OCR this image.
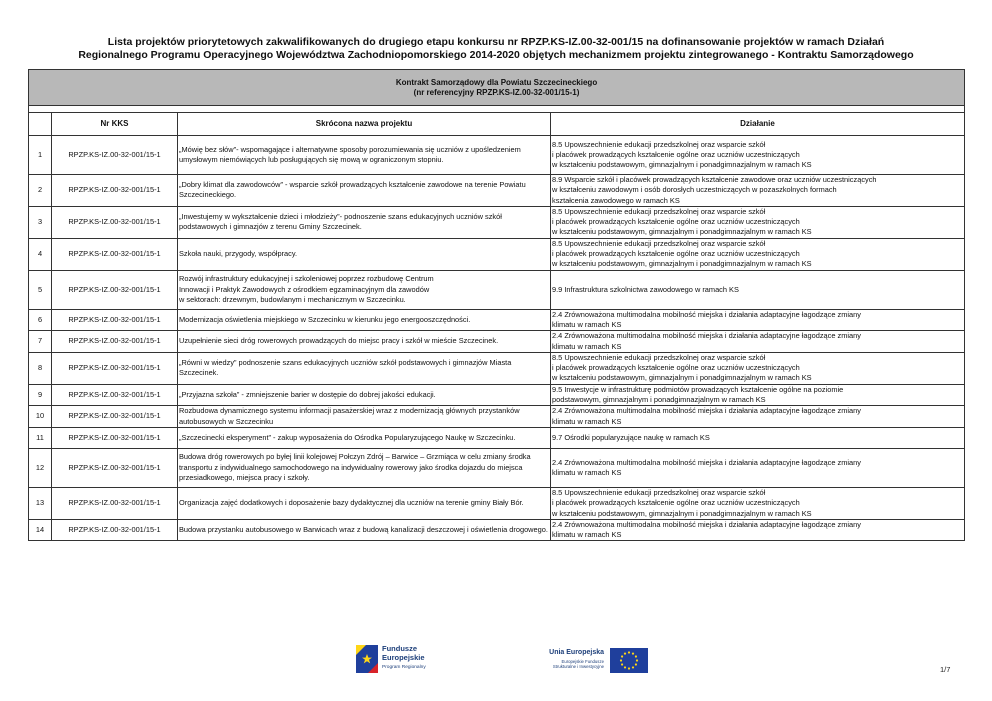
Lista projektów priorytetowych zakwalifikowanych do drugiego etapu konkursu nr RPZP.KS-IZ.00-32-001/15 na dofinansowanie projektów w ramach Działań
Regionalnego Programu Operacyjnego Województwa Zachodniopomorskiego 2014-2020 objętych mechanizmem projektu zintegrowanego - Kontraktu Samorządowego
Kontrakt Samorządowy dla Powiatu Szczecineckiego
(nr referencyjny RPZP.KS-IZ.00-32-001/15-1)			

	Nr KKS	Skrócona nazwa projektu	Działanie
1	RPZP.KS-IZ.00-32-001/15-1	„Mówię bez słów”- wspomagające i alternatywne sposoby porozumiewania się uczniów z upośledzeniem umysłowym niemówiących lub posługujących się mową w ograniczonym stopniu.	8.5 Upowszechnienie edukacji przedszkolnej oraz wsparcie szkół
i placówek prowadzących kształcenie ogólne oraz uczniów uczestniczących
w kształceniu podstawowym, gimnazjalnym i ponadgimnazjalnym w ramach KS
2	RPZP.KS-IZ.00-32-001/15-1	„Dobry klimat dla zawodowców” - wsparcie szkół prowadzących kształcenie zawodowe na terenie Powiatu Szczecineckiego.	8.9 Wsparcie szkół i placówek prowadzących kształcenie zawodowe oraz uczniów uczestniczących
w kształceniu zawodowym i osób dorosłych uczestniczących w pozaszkolnych formach
kształcenia zawodowego w ramach KS
3	RPZP.KS-IZ.00-32-001/15-1	„Inwestujemy w wykształcenie dzieci i młodzieży”- podnoszenie szans edukacyjnych uczniów szkół podstawowych i gimnazjów z terenu Gminy Szczecinek.	8.5 Upowszechnienie edukacji przedszkolnej oraz wsparcie szkół
i placówek prowadzących kształcenie ogólne oraz uczniów uczestniczących
w kształceniu podstawowym, gimnazjalnym i ponadgimnazjalnym w ramach KS
4	RPZP.KS-IZ.00-32-001/15-1	Szkoła nauki, przygody, współpracy.	8.5 Upowszechnienie edukacji przedszkolnej oraz wsparcie szkół
i placówek prowadzących kształcenie ogólne oraz uczniów uczestniczących
w kształceniu podstawowym, gimnazjalnym i ponadgimnazjalnym w ramach KS
5	RPZP.KS-IZ.00-32-001/15-1	Rozwój infrastruktury edukacyjnej i szkoleniowej poprzez rozbudowę Centrum
Innowacji i Praktyk Zawodowych z ośrodkiem egzaminacyjnym dla zawodów
w sektorach: drzewnym, budowlanym i mechanicznym w Szczecinku.	9.9 Infrastruktura szkolnictwa zawodowego w ramach KS
6	RPZP.KS-IZ.00-32-001/15-1	Modernizacja oświetlenia miejskiego w Szczecinku w kierunku jego energooszczędności.	2.4 Zrównoważona multimodalna mobilność miejska i działania adaptacyjne łagodzące zmiany
klimatu w ramach KS
7	RPZP.KS-IZ.00-32-001/15-1	Uzupełnienie sieci dróg rowerowych prowadzących do miejsc pracy i szkół w mieście Szczecinek.	2.4 Zrównoważona multimodalna mobilność miejska i działania adaptacyjne łagodzące zmiany
klimatu w ramach KS
8	RPZP.KS-IZ.00-32-001/15-1	„Równi w wiedzy” podnoszenie szans edukacyjnych uczniów szkół podstawowych i gimnazjów Miasta Szczecinek.	8.5 Upowszechnienie edukacji przedszkolnej oraz wsparcie szkół
i placówek prowadzących kształcenie ogólne oraz uczniów uczestniczących
w kształceniu podstawowym, gimnazjalnym i ponadgimnazjalnym w ramach KS
9	RPZP.KS-IZ.00-32-001/15-1	„Przyjazna szkoła” - zmniejszenie barier w dostępie do dobrej jakości edukacji.	9.5 Inwestycje w infrastrukturę podmiotów prowadzących kształcenie ogólne na poziomie
podstawowym, gimnazjalnym i ponadgimnazjalnym w ramach KS
10	RPZP.KS-IZ.00-32-001/15-1	Rozbudowa dynamicznego systemu informacji pasażerskiej wraz z modernizacją głównych przystanków autobusowych w Szczecinku	2.4 Zrównoważona multimodalna mobilność miejska i działania adaptacyjne łagodzące zmiany
klimatu w ramach KS
11	RPZP.KS-IZ.00-32-001/15-1	„Szczecinecki eksperyment” - zakup wyposażenia do Ośrodka Popularyzującego Naukę w Szczecinku.	9.7 Ośrodki popularyzujące naukę w ramach KS
12	RPZP.KS-IZ.00-32-001/15-1	Budowa dróg rowerowych po byłej linii kolejowej Połczyn Zdrój – Barwice – Grzmiąca w celu zmiany środka transportu z indywidualnego samochodowego na indywidualny rowerowy jako środka dojazdu do miejsca przesiadkowego, miejsca pracy i szkoły.	2.4 Zrównoważona multimodalna mobilność miejska i działania adaptacyjne łagodzące zmiany
klimatu w ramach KS
13	RPZP.KS-IZ.00-32-001/15-1	Organizacja zajęć dodatkowych i doposażenie bazy dydaktycznej dla uczniów na terenie gminy Biały Bór.	8.5 Upowszechnienie edukacji przedszkolnej oraz wsparcie szkół
i placówek prowadzących kształcenie ogólne oraz uczniów uczestniczących
w kształceniu podstawowym, gimnazjalnym i ponadgimnazjalnym w ramach KS
14	RPZP.KS-IZ.00-32-001/15-1	Budowa przystanku autobusowego w Barwicach wraz z budową kanalizacji deszczowej i oświetlenia drogowego.	2.4 Zrównoważona multimodalna mobilność miejska i działania adaptacyjne łagodzące zmiany
klimatu w ramach KS
Fundusze
Europejskie
Program Regionalny
Unia Europejska
Europejskie Fundusze
Strukturalne i Inwestycyjne	1/7
